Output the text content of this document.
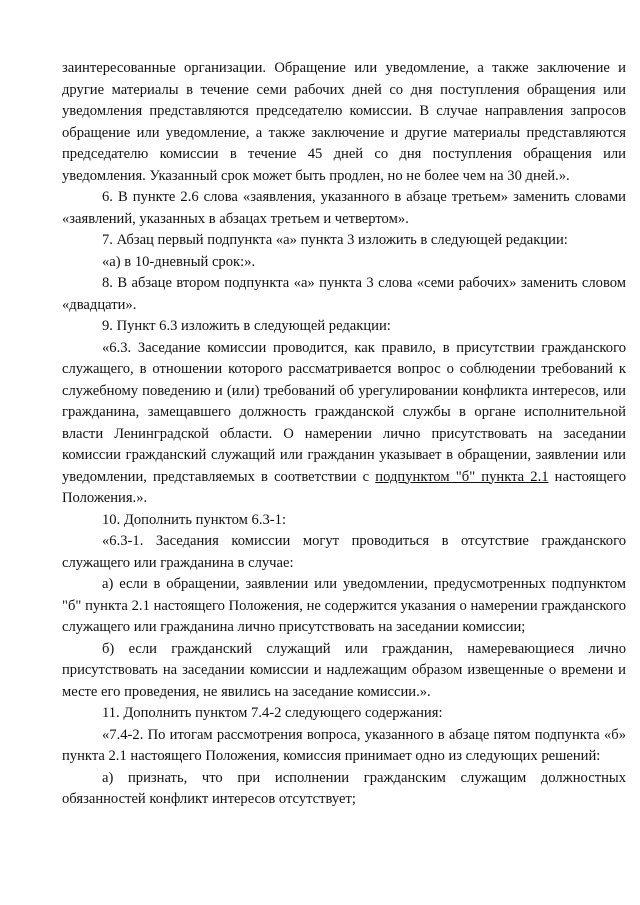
заинтересованные организации. Обращение или уведомление, а также заключение и другие материалы в течение семи рабочих дней со дня поступления обращения или уведомления представляются председателю комиссии. В случае направления запросов обращение или уведомление, а также заключение и другие материалы представляются председателю комиссии в течение 45 дней со дня поступления обращения или уведомления. Указанный срок может быть продлен, но не более чем на 30 дней.».

6. В пункте 2.6 слова «заявления, указанного в абзаце третьем» заменить словами «заявлений, указанных в абзацах третьем и четвертом».

7. Абзац первый подпункта «а» пункта 3 изложить в следующей редакции:

«а) в 10-дневный срок:».

8. В абзаце втором подпункта «а» пункта 3 слова «семи рабочих» заменить словом «двадцати».

9. Пункт 6.3 изложить в следующей редакции:

«6.3. Заседание комиссии проводится, как правило, в присутствии гражданского служащего, в отношении которого рассматривается вопрос о соблюдении требований к служебному поведению и (или) требований об урегулировании конфликта интересов, или гражданина, замещавшего должность гражданской службы в органе исполнительной власти Ленинградской области. О намерении лично присутствовать на заседании комиссии гражданский служащий или гражданин указывает в обращении, заявлении или уведомлении, представляемых в соответствии с подпунктом "б" пункта 2.1 настоящего Положения.».

10. Дополнить пунктом 6.3-1:

«6.3-1. Заседания комиссии могут проводиться в отсутствие гражданского служащего или гражданина в случае:

а) если в обращении, заявлении или уведомлении, предусмотренных подпунктом "б" пункта 2.1 настоящего Положения, не содержится указания о намерении гражданского служащего или гражданина лично присутствовать на заседании комиссии;

б) если гражданский служащий или гражданин, намеревающиеся лично присутствовать на заседании комиссии и надлежащим образом извещенные о времени и месте его проведения, не явились на заседание комиссии.».

11. Дополнить пунктом 7.4-2 следующего содержания:

«7.4-2. По итогам рассмотрения вопроса, указанного в абзаце пятом подпункта «б» пункта 2.1 настоящего Положения, комиссия принимает одно из следующих решений:

а) признать, что при исполнении гражданским служащим должностных обязанностей конфликт интересов отсутствует;
